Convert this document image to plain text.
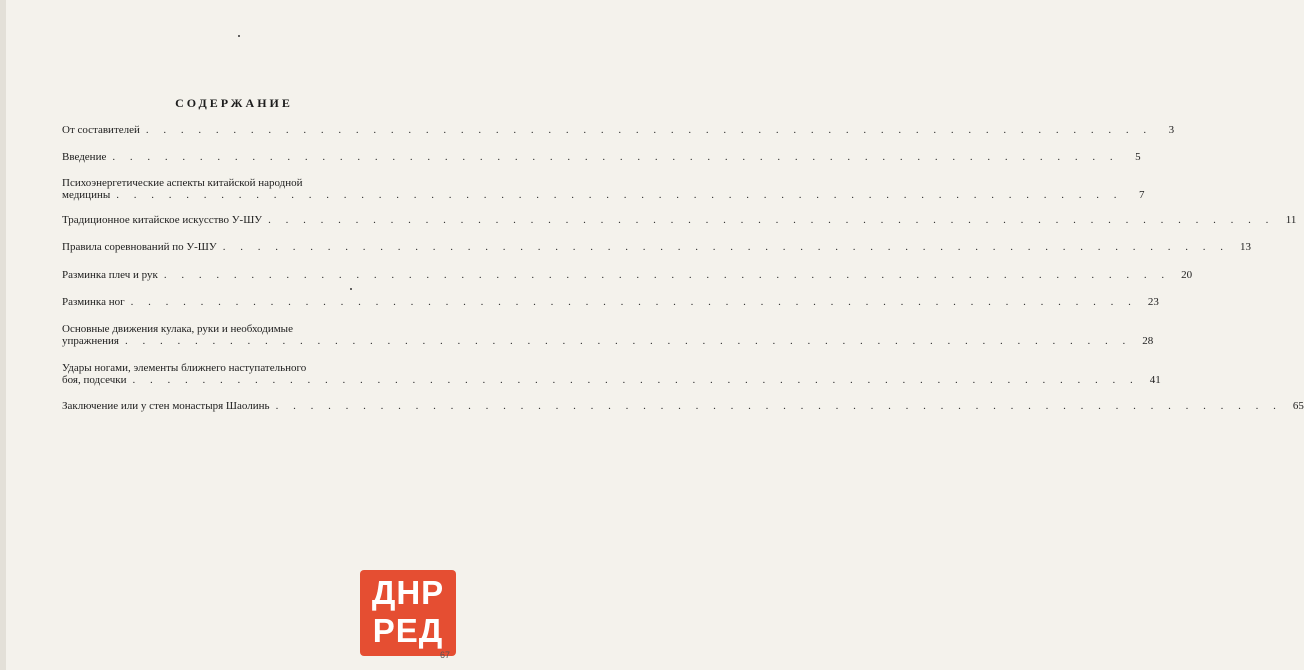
СОДЕРЖАНИЕ
От составителей . . . . . . . . . . . . . . . . . . . . . . . . . . . . . . . . . . . . . . . . . . . . . . . . . . . . . . . . . .	3
Введение . . . . . . . . . . . . . . . . . . . . . . . . . . . . . . . . . . . . . . . . . . . . . . . . . . . . . . . . . .	5
Психоэнергетические аспекты китайской народной
медицины . . . . . . . . . . . . . . . . . . . . . . . . . . . . . . . . . . . . . . . . . . . . . . . . . . . . . . . . . .	7
Традиционное китайское искусство У-ШУ . . . . . . . . . . . . . . . . . . . . . . . . . . . . . . . . . . . . . . . . . . . . . . . . . . . . . . . . . .	11
Правила соревнований по У-ШУ . . . . . . . . . . . . . . . . . . . . . . . . . . . . . . . . . . . . . . . . . . . . . . . . . . . . . . . . . .	13
Разминка плеч и рук . . . . . . . . . . . . . . . . . . . . . . . . . . . . . . . . . . . . . . . . . . . . . . . . . . . . . . . . . .	20
Разминка ног . . . . . . . . . . . . . . . . . . . . . . . . . . . . . . . . . . . . . . . . . . . . . . . . . . . . . . . . . .	23
Основные движения кулака, руки и необходимые
упражнения . . . . . . . . . . . . . . . . . . . . . . . . . . . . . . . . . . . . . . . . . . . . . . . . . . . . . . . . . .	28
Удары ногами, элементы ближнего наступательного
боя, подсечки . . . . . . . . . . . . . . . . . . . . . . . . . . . . . . . . . . . . . . . . . . . . . . . . . . . . . . . . . .	41
Заключение или у стен монастыря Шаолинь . . . . . . . . . . . . . . . . . . . . . . . . . . . . . . . . . . . . . . . . . . . . . . . . . . . . . . . . . .	65
ДНР
РЕД
67
